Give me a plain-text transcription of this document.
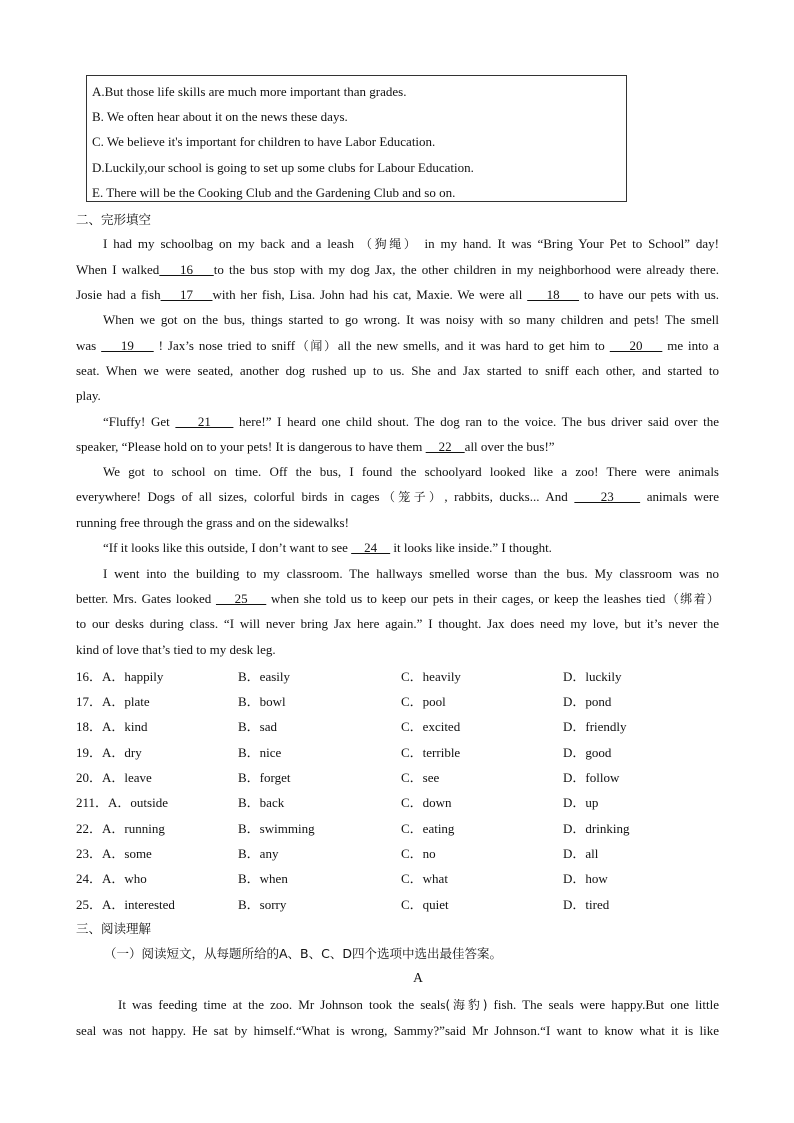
A.But those life skills are much more important than grades.
B. We often hear about it on the news these days.
C. We believe it's important for children to have Labor Education.
D.Luckily,our school is going to set up some clubs for Labour Education.
E. There will be the Cooking Club and the Gardening Club and so on.
二、完形填空
I had my schoolbag on my back and a leash （狗绳） in my hand. It was “Bring Your Pet to School” day!
When I walked    16    to the bus stop with my dog Jax, the other children in my neighborhood were already there.
Josie had a fish    17    with her fish, Lisa. John had his cat, Maxie. We were all     18     to have our pets with us.
When we got on the bus, things started to go wrong. It was noisy with so many children and pets! The smell
was     19     ! Jax’s nose tried to sniff（闻）all the new smells, and it was hard to get him to     20     me into a
seat. When we were seated, another dog rushed up to us. She and Jax started to sniff each other, and started to
play.
“Fluffy! Get     21     here!” I heard one child shout. The dog ran to the voice. The bus driver said over the
speaker, “Please hold on to your pets! It is dangerous to have them     22    all over the bus!”
We got to school on time. Off the bus, I found the schoolyard looked like a zoo! There were animals
everywhere! Dogs of all sizes, colorful birds in cages（笼子）, rabbits, ducks... And     23     animals were
running free through the grass and on the sidewalks!
“If it looks like this outside, I don’t want to see     24     it looks like inside.” I thought.
I went into the building to my classroom. The hallways smelled worse than the bus. My classroom was no
better. Mrs. Gates looked     25     when she told us to keep our pets in their cages, or keep the leashes tied（绑着）
to our desks during class. “I will never bring Jax here again.” I thought. Jax does need my love, but it’s never the
kind of love that’s tied to my desk leg.
16．A．happily	B．easily	C．heavily	D．luckily
17．A．plate	B．bowl	C．pool	D．pond
18．A．kind	B．sad	C．excited	D．friendly
19．A．dry	B．nice	C．terrible	D．good
20．A．leave	B．forget	C．see	D．follow
211．A．outside	B．back	C．down	D．up
22．A．running	B．swimming	C．eating	D．drinking
23．A．some	B．any	C．no	D．all
24．A．who	B．when	C．what	D．how
25．A．interested	B．sorry	C．quiet	D．tired
三、阅读理解
（一）阅读短文，从每题所给的A、B、C、D四个选项中选出最佳答案。
A
It was feeding time at the zoo. Mr Johnson took the seals(海豹) fish. The seals were happy.But one little
seal was not happy. He sat by himself.“What is wrong, Sammy?”said Mr Johnson.“I want to know what it is like
